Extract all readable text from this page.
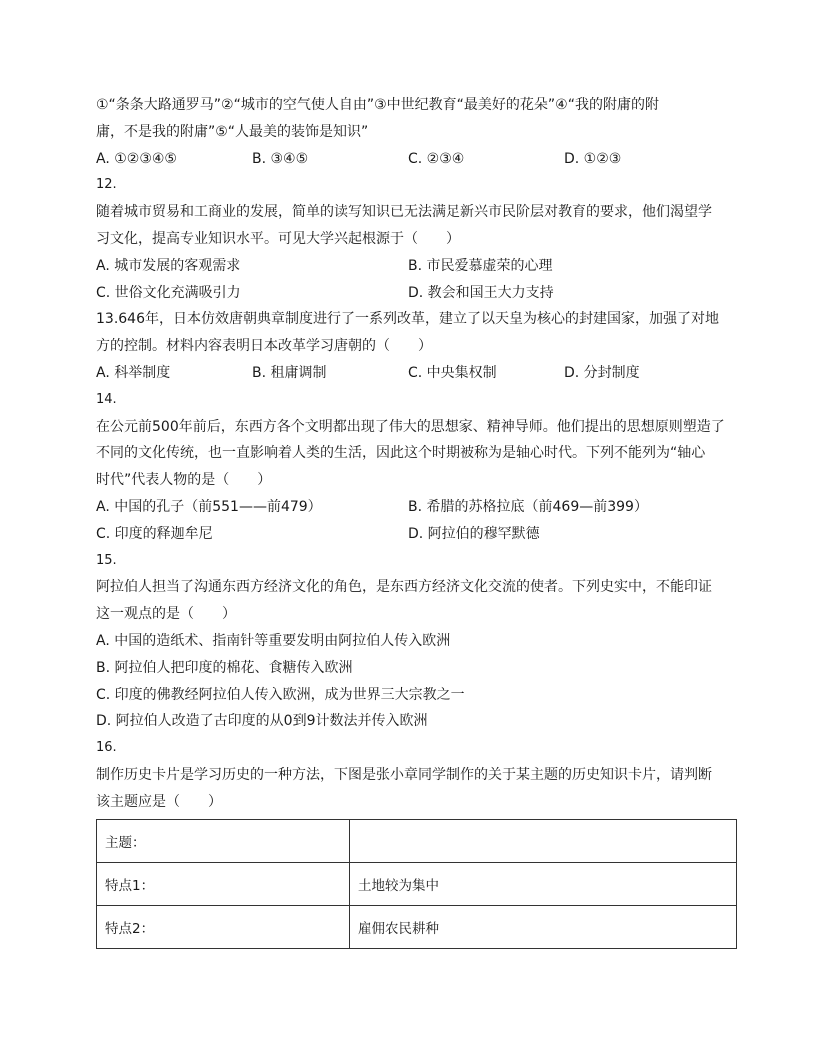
①“条条大路通罗马”②“城市的空气使人自由”③中世纪教育“最美好的花朵”④“我的附庸的附
庸，不是我的附庸”⑤“人最美的装饰是知识”
A. ①②③④⑤	B. ③④⑤	C. ②③④	D. ①②③
12.
随着城市贸易和工商业的发展，简单的读写知识已无法满足新兴市民阶层对教育的要求，他们渴望学
习文化，提高专业知识水平。可见大学兴起根源于（　　）
A. 城市发展的客观需求	B. 市民爱慕虚荣的心理
C. 世俗文化充满吸引力	D. 教会和国王大力支持
13.646年，日本仿效唐朝典章制度进行了一系列改革，建立了以天皇为核心的封建国家，加强了对地
方的控制。材料内容表明日本改革学习唐朝的（　　）
A. 科举制度	B. 租庸调制	C. 中央集权制	D. 分封制度
14.
在公元前500年前后，东西方各个文明都出现了伟大的思想家、精神导师。他们提出的思想原则塑造了
不同的文化传统，也一直影响着人类的生活，因此这个时期被称为是轴心时代。下列不能列为“轴心
时代”代表人物的是（　　）
A. 中国的孔子（前551——前479）	B. 希腊的苏格拉底（前469—前399）
C. 印度的释迦牟尼	D. 阿拉伯的穆罕默德
15.
阿拉伯人担当了沟通东西方经济文化的角色，是东西方经济文化交流的使者。下列史实中，不能印证
这一观点的是（　　）
A. 中国的造纸术、指南针等重要发明由阿拉伯人传入欧洲
B. 阿拉伯人把印度的棉花、食糖传入欧洲
C. 印度的佛教经阿拉伯人传入欧洲，成为世界三大宗教之一
D. 阿拉伯人改造了古印度的从0到9计数法并传入欧洲
16.
制作历史卡片是学习历史的一种方法，下图是张小章同学制作的关于某主题的历史知识卡片，请判断
该主题应是（　　）
主题：	
特点1：	土地较为集中
特点2：	雇佣农民耕种
